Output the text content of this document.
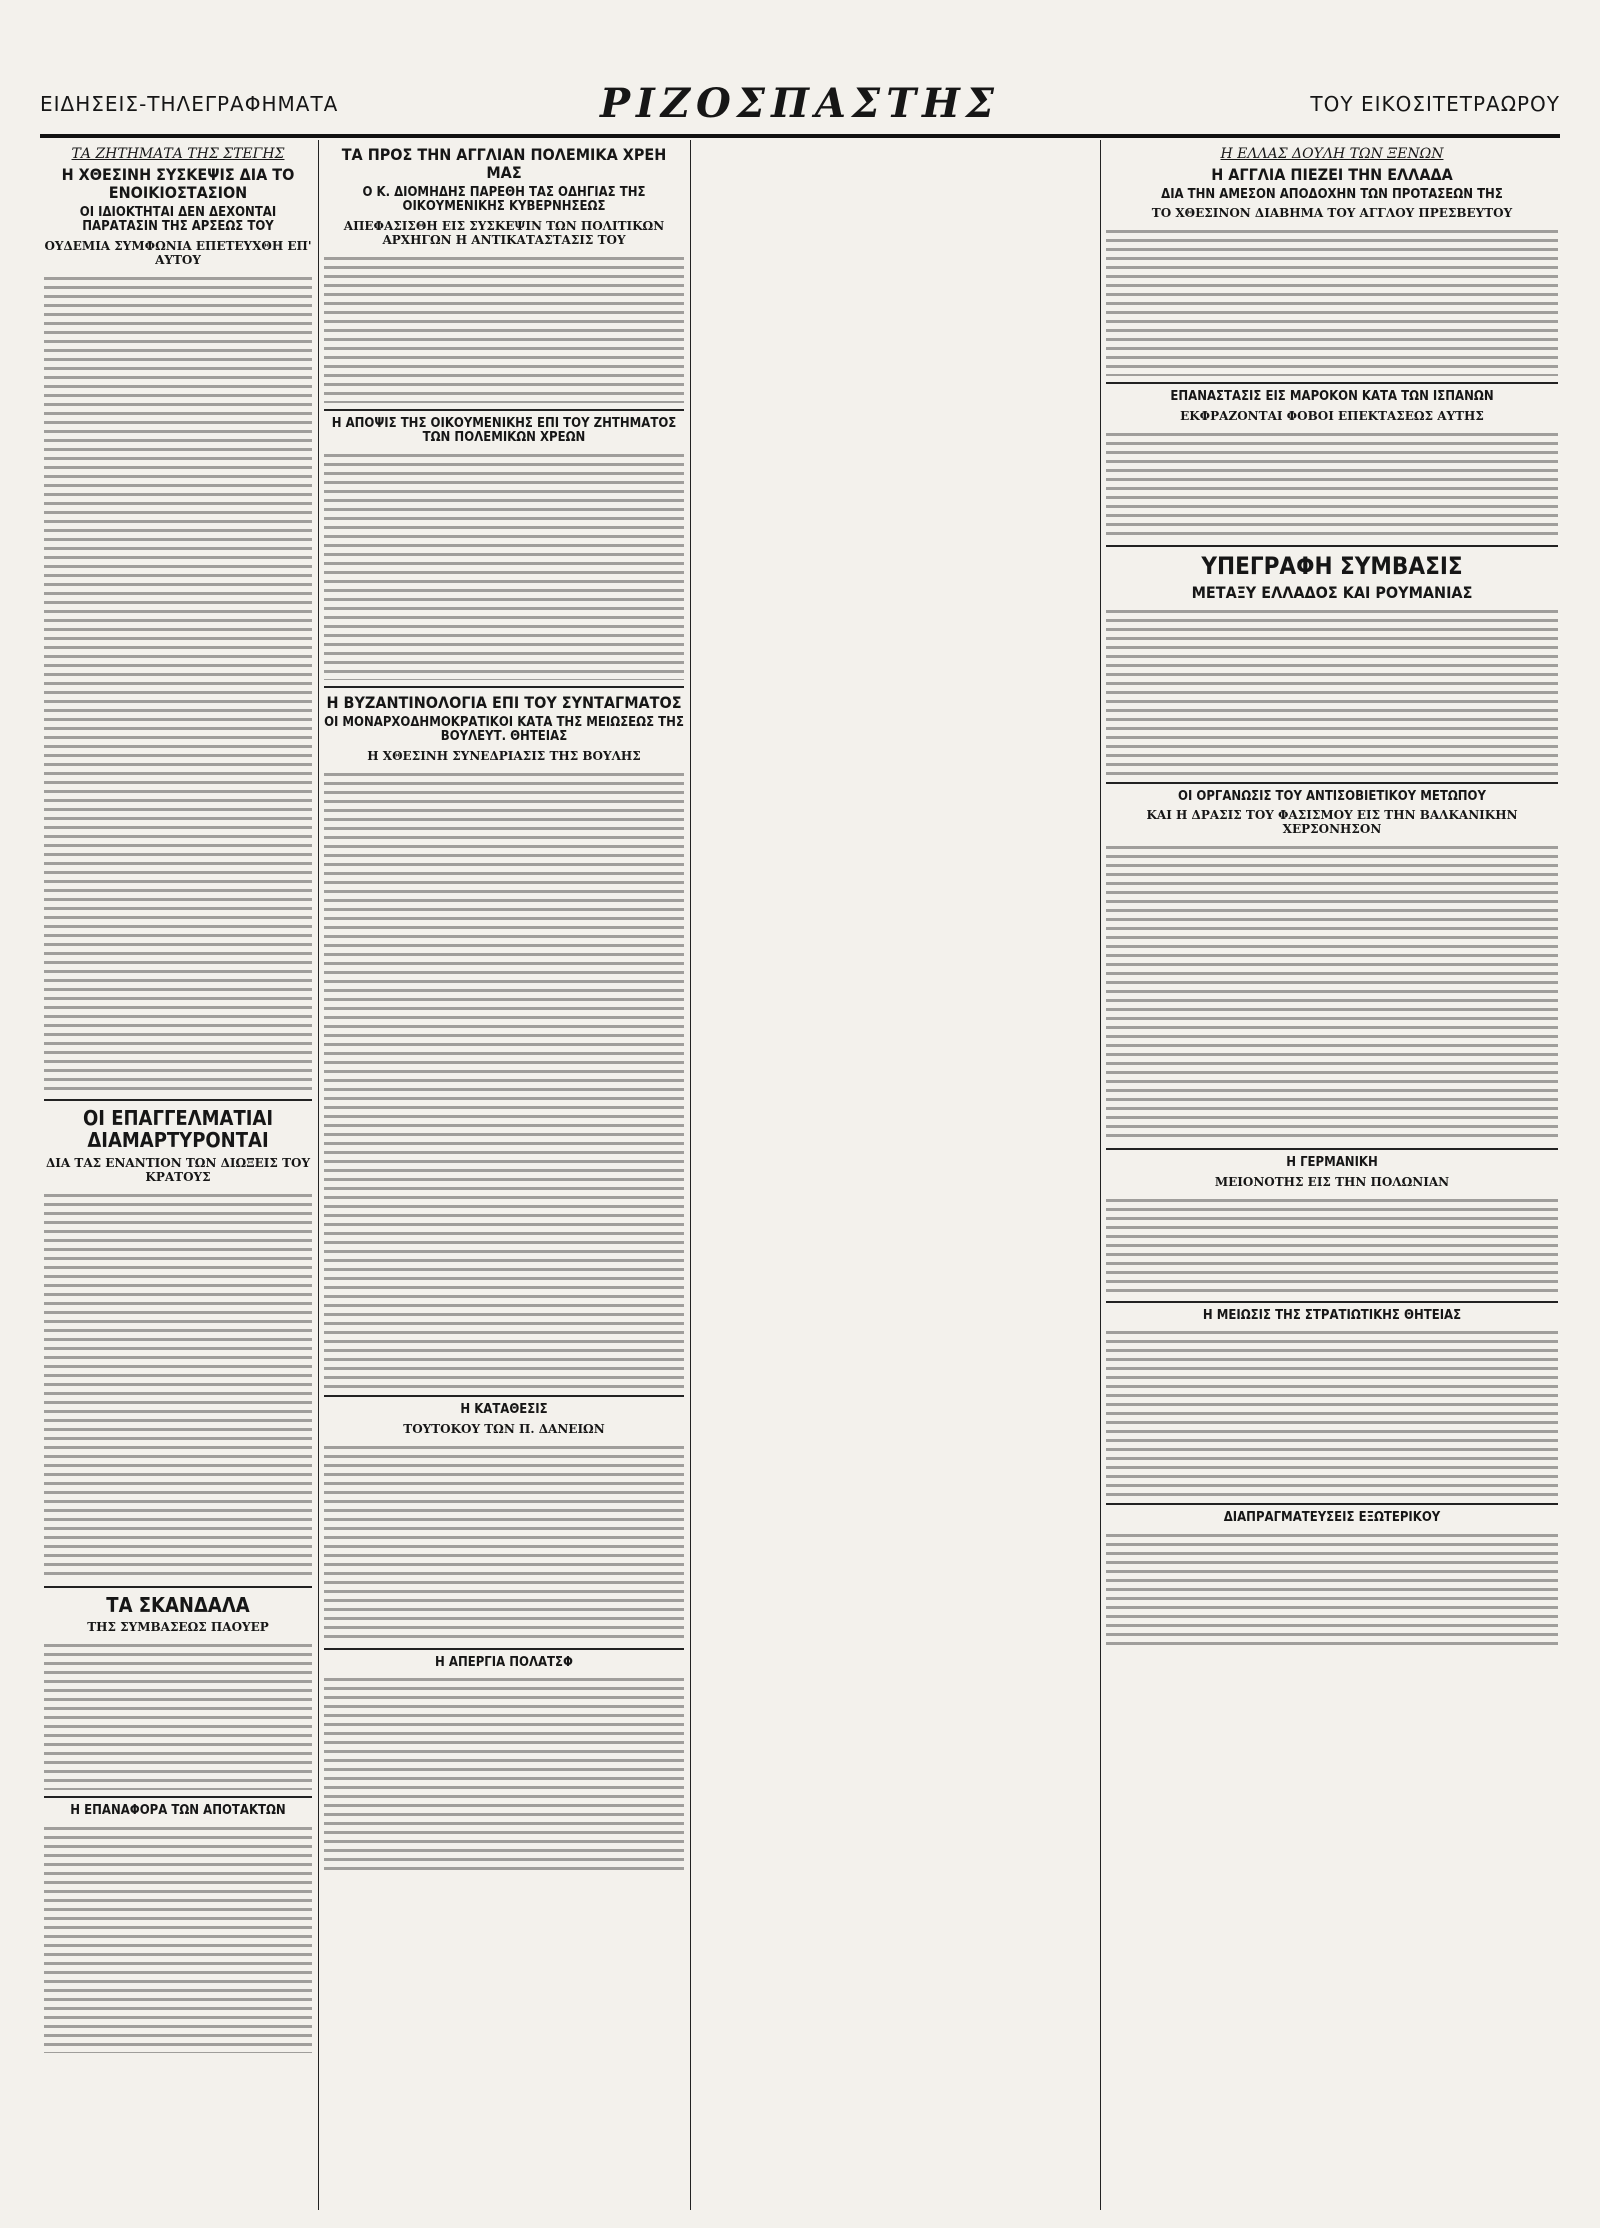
ΕΙΔΗΣΕΙΣ-ΤΗΛΕΓΡΑΦΗΜΑΤΑ	ΡΙΖΟΣΠΑΣΤΗΣ	ΤΟΥ ΕΙΚΟΣΙΤΕΤΡΑΩΡΟΥ
ΤΑ ΖΗΤΗΜΑΤΑ ΤΗΣ ΣΤΕΓΗΣ
Η ΧΘΕΣΙΝΗ ΣΥΣΚΕΨΙΣ ΔΙΑ ΤΟ ΕΝΟΙΚΙΟΣΤΑΣΙΟΝ
ΟΙ ΙΔΙΟΚΤΗΤΑΙ ΔΕΝ ΔΕΧΟΝΤΑΙ ΠΑΡΑΤΑΣΙΝ ΤΗΣ ΑΡΣΕΩΣ ΤΟΥ
ΟΥΔΕΜΙΑ ΣΥΜΦΩΝΙΑ ΕΠΕΤΕΥΧΘΗ ΕΠ' ΑΥΤΟΥ
ΟΙ ΕΠΑΓΓΕΛΜΑΤΙΑΙ ΔΙΑΜΑΡΤΥΡΟΝΤΑΙ
ΔΙΑ ΤΑΣ ΕΝΑΝΤΙΟΝ ΤΩΝ ΔΙΩΞΕΙΣ ΤΟΥ ΚΡΑΤΟΥΣ
ΤΑ ΣΚΑΝΔΑΛΑ
ΤΗΣ ΣΥΜΒΑΣΕΩΣ ΠΑΟΥΕΡ
Η ΕΠΑΝΑΦΟΡΑ ΤΩΝ ΑΠΟΤΑΚΤΩΝ
ΤΑ ΠΡΟΣ ΤΗΝ ΑΓΓΛΙΑΝ ΠΟΛΕΜΙΚΑ ΧΡΕΗ ΜΑΣ
Ο Κ. ΔΙΟΜΗΔΗΣ ΠΑΡΕΘΗ ΤΑΣ ΟΔΗΓΙΑΣ ΤΗΣ ΟΙΚΟΥΜΕΝΙΚΗΣ ΚΥΒΕΡΝΗΣΕΩΣ
ΑΠΕΦΑΣΙΣΘΗ ΕΙΣ ΣΥΣΚΕΨΙΝ ΤΩΝ ΠΟΛΙΤΙΚΩΝ ΑΡΧΗΓΩΝ Η ΑΝΤΙΚΑΤΑΣΤΑΣΙΣ ΤΟΥ
Η ΑΠΟΨΙΣ ΤΗΣ ΟΙΚΟΥΜΕΝΙΚΗΣ ΕΠΙ ΤΟΥ ΖΗΤΗΜΑΤΟΣ ΤΩΝ ΠΟΛΕΜΙΚΩΝ ΧΡΕΩΝ
Η ΒΥΖΑΝΤΙΝΟΛΟΓΙΑ ΕΠΙ ΤΟΥ ΣΥΝΤΑΓΜΑΤΟΣ
ΟΙ ΜΟΝΑΡΧΟΔΗΜΟΚΡΑΤΙΚΟΙ ΚΑΤΑ ΤΗΣ ΜΕΙΩΣΕΩΣ ΤΗΣ ΒΟΥΛΕΥΤ. ΘΗΤΕΙΑΣ
Η ΧΘΕΣΙΝΗ ΣΥΝΕΔΡΙΑΣΙΣ ΤΗΣ ΒΟΥΛΗΣ
Η ΚΑΤΑΘΕΣΙΣ
ΤΟΥΤΟΚΟΥ ΤΩΝ Π. ΔΑΝΕΙΩΝ
Η ΑΠΕΡΓΙΑ ΠΟΛΑΤΣΦ
Η ΕΛΛΑΣ ΔΟΥΛΗ ΤΩΝ ΞΕΝΩΝ
Η ΑΓΓΛΙΑ ΠΙΕΖΕΙ ΤΗΝ ΕΛΛΑΔΑ
ΔΙΑ ΤΗΝ ΑΜΕΣΟΝ ΑΠΟΔΟΧΗΝ ΤΩΝ ΠΡΟΤΑΣΕΩΝ ΤΗΣ
ΤΟ ΧΘΕΣΙΝΟΝ ΔΙΑΒΗΜΑ ΤΟΥ ΑΓΓΛΟΥ ΠΡΕΣΒΕΥΤΟΥ
ΕΠΑΝΑΣΤΑΣΙΣ ΕΙΣ ΜΑΡΟΚΟΝ ΚΑΤΑ ΤΩΝ ΙΣΠΑΝΩΝ
ΕΚΦΡΑΖΟΝΤΑΙ ΦΟΒΟΙ ΕΠΕΚΤΑΣΕΩΣ ΑΥΤΗΣ
ΥΠΕΓΡΑΦΗ ΣΥΜΒΑΣΙΣ
ΜΕΤΑΞΥ ΕΛΛΑΔΟΣ ΚΑΙ ΡΟΥΜΑΝΙΑΣ
ΟΙ ΟΡΓΑΝΩΣΙΣ ΤΟΥ ΑΝΤΙΣΟΒΙΕΤΙΚΟΥ ΜΕΤΩΠΟΥ
ΚΑΙ Η ΔΡΑΣΙΣ ΤΟΥ ΦΑΣΙΣΜΟΥ ΕΙΣ ΤΗΝ ΒΑΛΚΑΝΙΚΗΝ ΧΕΡΣΟΝΗΣΟΝ
Η ΓΕΡΜΑΝΙΚΗ
ΜΕΙΟΝΟΤΗΣ ΕΙΣ ΤΗΝ ΠΟΛΩΝΙΑΝ
Η ΜΕΙΩΣΙΣ ΤΗΣ ΣΤΡΑΤΙΩΤΙΚΗΣ ΘΗΤΕΙΑΣ
ΔΙΑΠΡΑΓΜΑΤΕΥΣΕΙΣ ΕΞΩΤΕΡΙΚΟΥ
